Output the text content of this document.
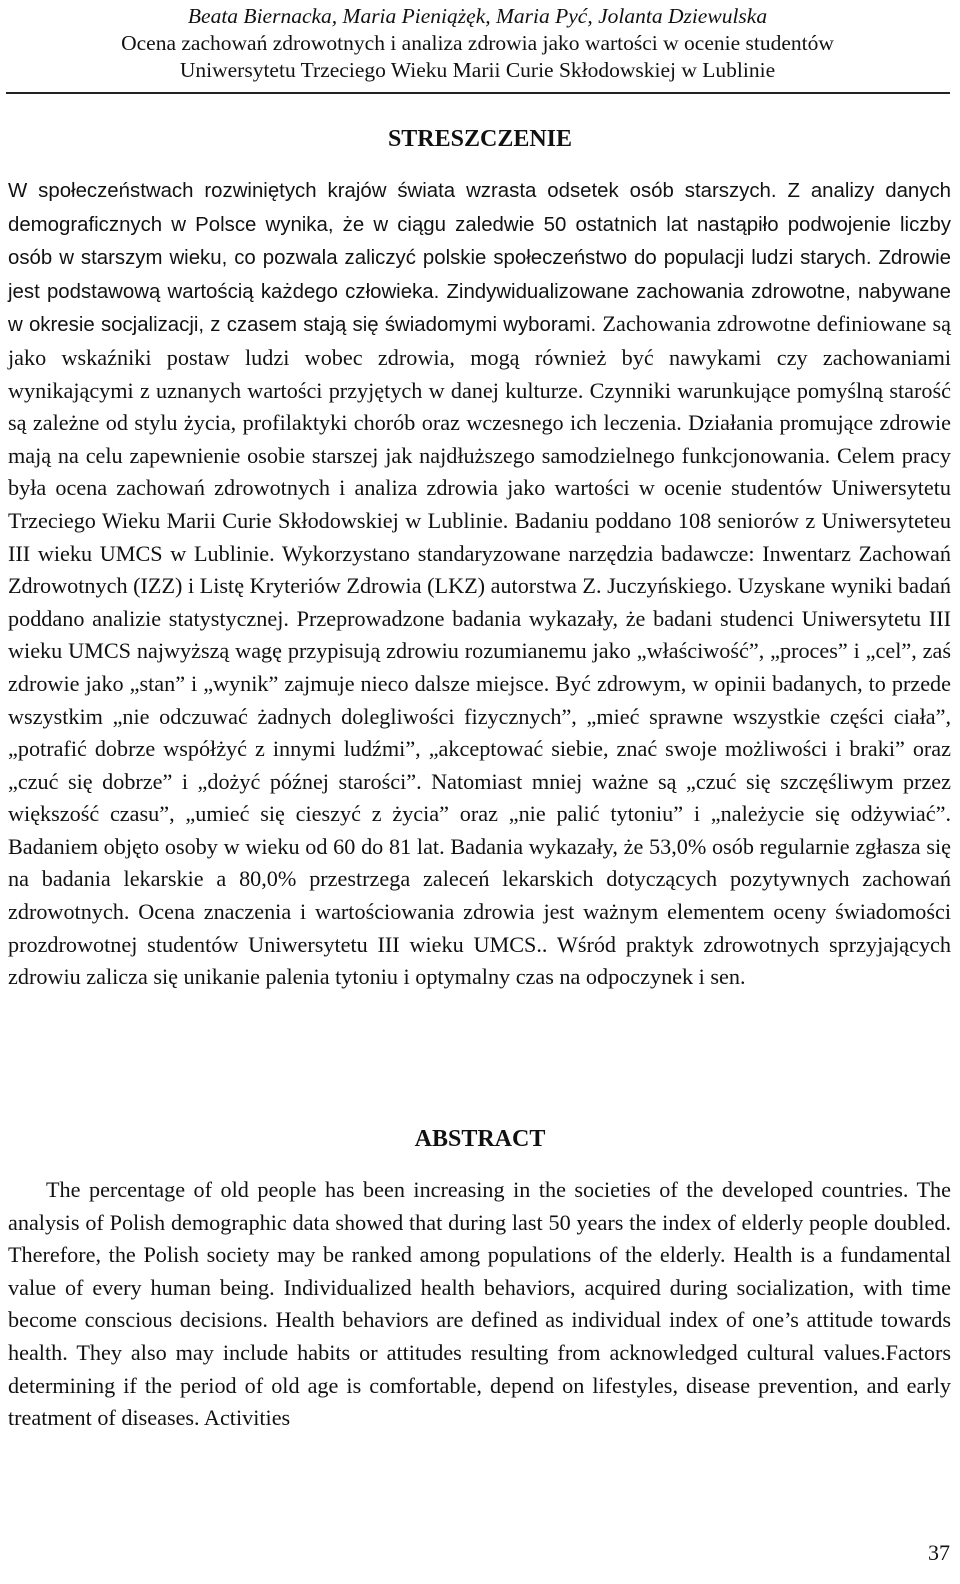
Beata Biernacka, Maria Pieniążęk, Maria Pyć, Jolanta Dziewulska
Ocena zachowań zdrowotnych i analiza zdrowia jako wartości w ocenie studentów
Uniwersytetu Trzeciego Wieku Marii Curie Skłodowskiej w Lublinie
STRESZCZENIE

W społeczeństwach rozwiniętych krajów świata wzrasta odsetek osób starszych. Z analizy danych demograficznych w Polsce wynika, że w ciągu zaledwie 50 ostatnich lat nastąpiło podwojenie liczby osób w starszym wieku, co pozwala zaliczyć polskie społeczeństwo do populacji ludzi starych. Zdrowie jest podstawową wartością każdego człowieka. Zindywidualizowane zachowania zdrowotne, nabywane w okresie socjalizacji, z czasem stają się świadomymi wyborami. Zachowania zdrowotne definiowane są jako wskaźniki postaw ludzi wobec zdrowia, mogą również być nawykami czy zachowaniami wynikającymi z uznanych wartości przyjętych w danej kulturze. Czynniki warunkujące pomyślną starość są zależne od stylu życia, profilaktyki chorób oraz wczesnego ich leczenia. Działania promujące zdrowie mają na celu zapewnienie osobie starszej jak najdłuższego samodzielnego funkcjonowania. Celem pracy była ocena zachowań zdrowotnych i analiza zdrowia jako wartości w ocenie studentów Uniwersytetu Trzeciego Wieku Marii Curie Skłodowskiej w Lublinie. Badaniu poddano 108 seniorów z Uniwersyteteu III wieku UMCS w Lublinie. Wykorzystano standaryzowane narzędzia badawcze: Inwentarz Zachowań Zdrowotnych (IZZ) i Listę Kryteriów Zdrowia (LKZ) autorstwa Z. Juczyńskiego. Uzyskane wyniki badań poddano analizie statystycznej. Przeprowadzone badania wykazały, że badani studenci Uniwersytetu III wieku UMCS najwyższą wagę przypisują zdrowiu rozumianemu jako „właściwość”, „proces” i „cel”, zaś zdrowie jako „stan” i „wynik” zajmuje nieco dalsze miejsce. Być zdrowym, w opinii badanych, to przede wszystkim „nie odczuwać żadnych dolegliwości fizycznych”, „mieć sprawne wszystkie części ciała”, „potrafić dobrze współżyć z innymi ludźmi”, „akceptować siebie, znać swoje możliwości i braki” oraz „czuć się dobrze” i „dożyć późnej starości”. Natomiast mniej ważne są „czuć się szczęśliwym przez większość czasu”, „umieć się cieszyć z życia” oraz „nie palić tytoniu” i „należycie się odżywiać”. Badaniem objęto osoby w wieku od 60 do 81 lat. Badania wykazały, że 53,0% osób regularnie zgłasza się na badania lekarskie a 80,0% przestrzega zaleceń lekarskich dotyczących pozytywnych zachowań zdrowotnych. Ocena znaczenia i wartościowania zdrowia jest ważnym elementem oceny świadomości prozdrowotnej studentów Uniwersytetu III wieku UMCS.. Wśród praktyk zdrowotnych sprzyjających zdrowiu zalicza się unikanie palenia tytoniu i optymalny czas na odpoczynek i sen.

ABSTRACT

The percentage of old people has been increasing in the societies of the developed countries. The analysis of Polish demographic data showed that during last 50 years the index of elderly people doubled. Therefore, the Polish society may be ranked among populations of the elderly. Health is a fundamental value of every human being. Individualized health behaviors, acquired during socialization, with time become conscious decisions. Health behaviors are defined as individual index of one’s attitude towards health. They also may include habits or attitudes resulting from acknowledged cultural values.Factors determining if the period of old age is comfortable, depend on lifestyles, disease prevention, and early treatment of diseases. Activities

37
